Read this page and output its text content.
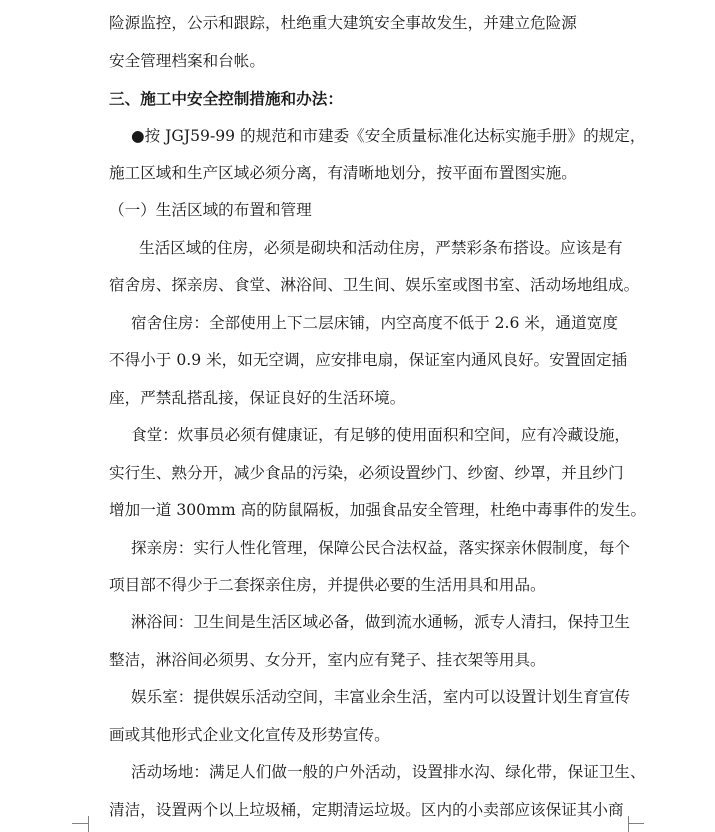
险源监控，公示和跟踪，杜绝重大建筑安全事故发生，并建立危险源
安全管理档案和台帐。
三、施工中安全控制措施和办法：
●按 JGJ59-99 的规范和市建委《安全质量标准化达标实施手册》的规定，
施工区域和生产区域必须分离，有清晰地划分，按平面布置图实施。
（一）生活区域的布置和管理
生活区域的住房，必须是砌块和活动住房，严禁彩条布搭设。应该是有
宿舍房、探亲房、食堂、淋浴间、卫生间、娱乐室或图书室、活动场地组成。
宿舍住房：全部使用上下二层床铺，内空高度不低于 2.6 米，通道宽度
不得小于 0.9 米，如无空调，应安排电扇，保证室内通风良好。安置固定插
座，严禁乱搭乱接，保证良好的生活环境。
食堂：炊事员必须有健康证，有足够的使用面积和空间，应有冷藏设施，
实行生、熟分开，减少食品的污染，必须设置纱门、纱窗、纱罩，并且纱门
增加一道 300mm 高的防鼠隔板，加强食品安全管理，杜绝中毒事件的发生。
探亲房：实行人性化管理，保障公民合法权益，落实探亲休假制度，每个
项目部不得少于二套探亲住房，并提供必要的生活用具和用品。
淋浴间：卫生间是生活区域必备，做到流水通畅，派专人清扫，保持卫生
整洁，淋浴间必须男、女分开，室内应有凳子、挂衣架等用具。
娱乐室：提供娱乐活动空间，丰富业余生活，室内可以设置计划生育宣传
画或其他形式企业文化宣传及形势宣传。
活动场地：满足人们做一般的户外活动，设置排水沟、绿化带，保证卫生、
清洁，设置两个以上垃圾桶，定期清运垃圾。区内的小卖部应该保证其小商
